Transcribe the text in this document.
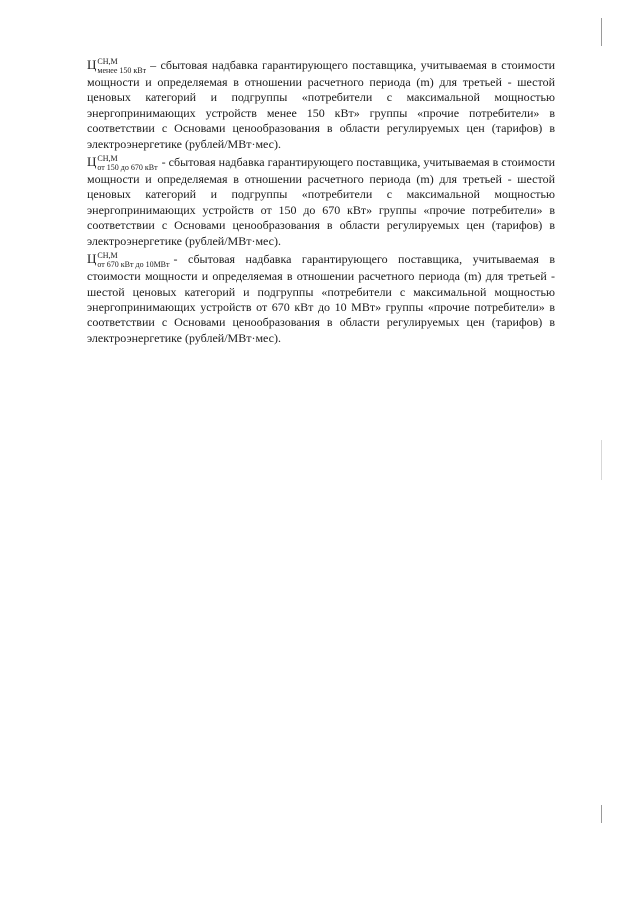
Ц СН,М
менее 150 кВт – сбытовая надбавка гарантирующего поставщика, учитываемая в стоимости мощности и определяемая в отношении расчетного периода (m) для третьей - шестой ценовых категорий и подгруппы «потребители с максимальной мощностью энергопринимающих устройств менее 150 кВт» группы «прочие потребители» в соответствии с Основами ценообразования в области регулируемых цен (тарифов) в электроэнергетике (рублей/МВт·мес).

Ц СН,М
от 150 до 670 кВт - сбытовая надбавка гарантирующего поставщика, учитываемая в стоимости мощности и определяемая в отношении расчетного периода (m) для третьей - шестой ценовых категорий и подгруппы «потребители с максимальной мощностью энергопринимающих устройств от 150 до 670 кВт» группы «прочие потребители» в соответствии с Основами ценообразования в области регулируемых цен (тарифов) в электроэнергетике (рублей/МВт·мес).

Ц СН,М
от 670 кВт до 10МВт - сбытовая надбавка гарантирующего поставщика, учитываемая в стоимости мощности и определяемая в отношении расчетного периода (m) для третьей - шестой ценовых категорий и подгруппы «потребители с максимальной мощностью энергопринимающих устройств от 670 кВт до 10 МВт» группы «прочие потребители» в соответствии с Основами ценообразования в области регулируемых цен (тарифов) в электроэнергетике (рублей/МВт·мес).
